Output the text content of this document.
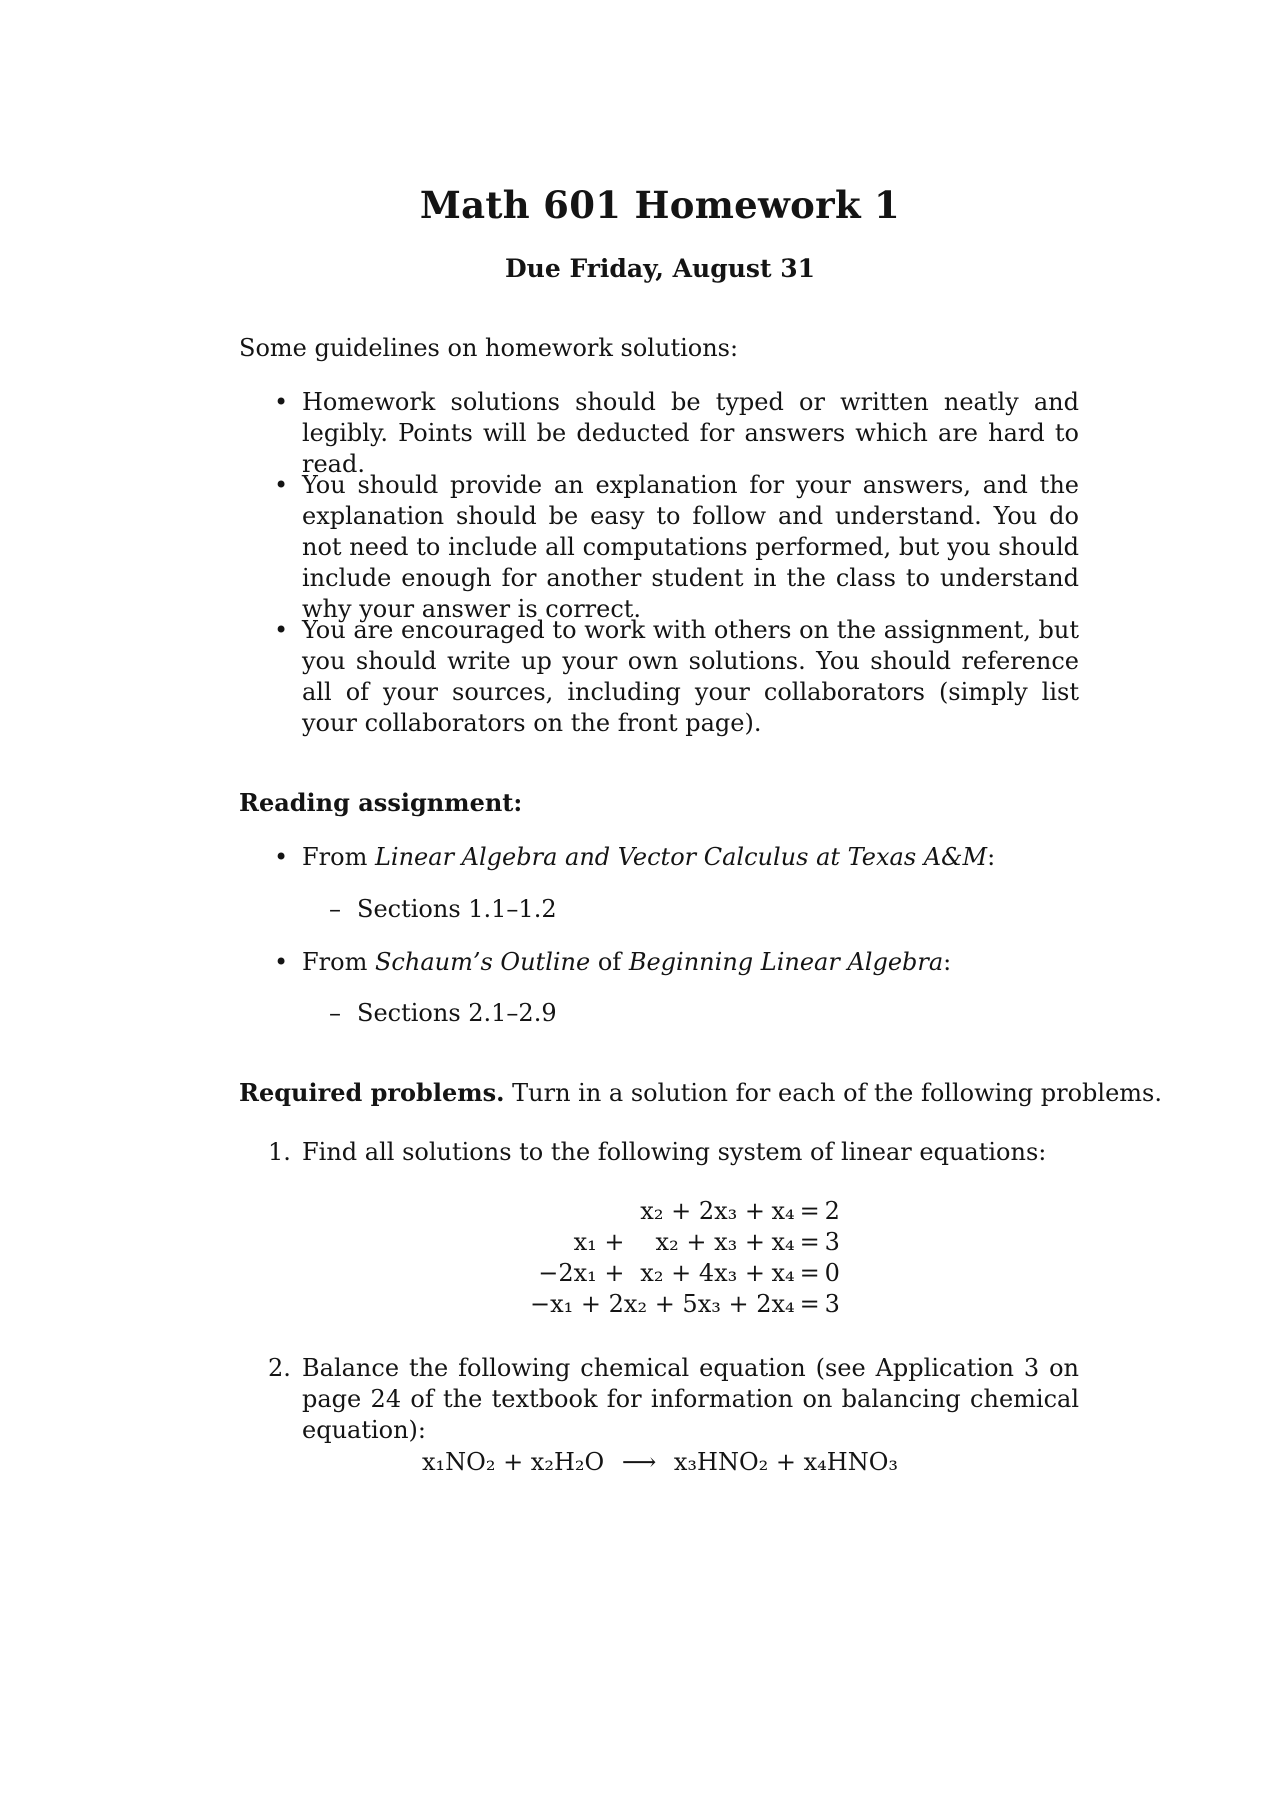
Math 601 Homework 1
Due Friday, August 31
Some guidelines on homework solutions:
• Homework solutions should be typed or written neatly and legibly. Points will be deducted for answers which are hard to read.
• You should provide an explanation for your answers, and the explanation should be easy to follow and understand. You do not need to include all computations performed, but you should include enough for another student in the class to understand why your answer is correct.
• You are encouraged to work with others on the assignment, but you should write up your own solutions. You should reference all of your sources, including your collaborators (simply list your collaborators on the front page).
Reading assignment:
• From Linear Algebra and Vector Calculus at Texas A&M:
– Sections 1.1–1.2
• From Schaum’s Outline of Beginning Linear Algebra:
– Sections 2.1–2.9
Required problems. Turn in a solution for each of the following problems.
1. Find all solutions to the following system of linear equations:
	x₂ + 2x₃ +	x₄	=	2
x₁ +	x₂ + x₃ +	x₄	=	3
−2x₁ +	x₂ + 4x₃ +	x₄	=	0
−x₁ + 2x₂ + 5x₃ + 2x₄			=	3
2. Balance the following chemical equation (see Application 3 on page 24 of the textbook for information on balancing chemical equation):
x₁NO₂ + x₂H₂O ⟶ x₃HNO₂ + x₄HNO₃
